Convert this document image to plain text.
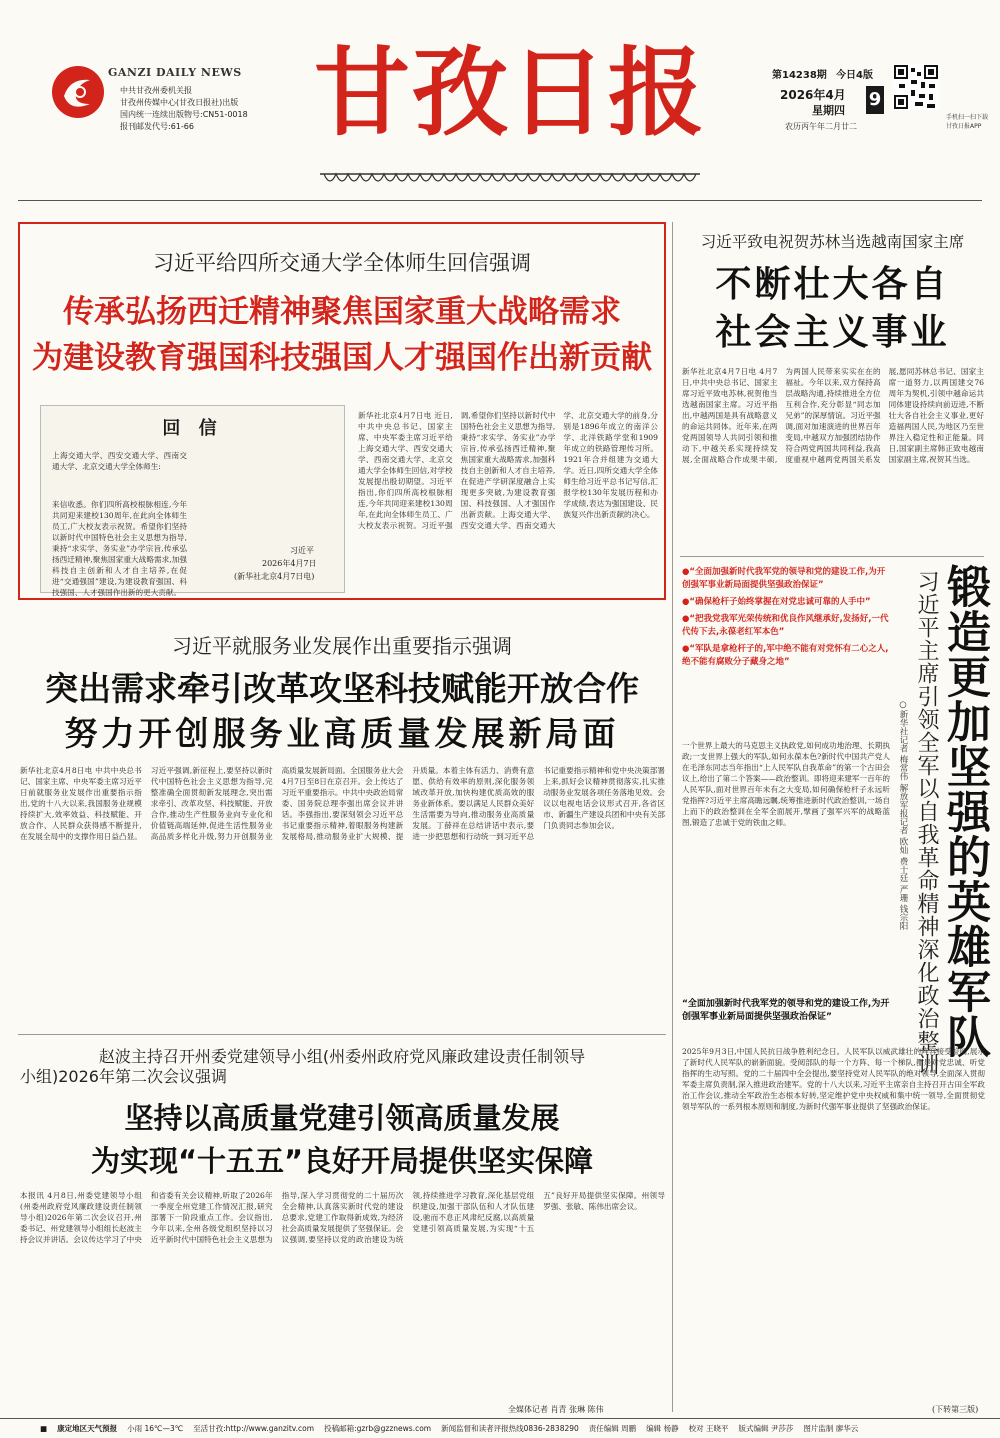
GANZI DAILY NEWS
中共甘孜州委机关报
甘孜州传媒中心(甘孜日报社)出版
国内统一连续出版物号:CN51-0018
报刊邮发代号:61-66 甘孜日报	第14238期 今日4版
2026年4月
星期四
9
农历丙午年二月廿二
手机扫一扫下载
甘孜日报APP
习近平给四所交通大学全体师生回信强调
传承弘扬西迁精神聚焦国家重大战略需求
为建设教育强国科技强国人才强国作出新贡献
回 信
上海交通大学、西安交通大学、西南交通大学、北京交通大学全体师生:
来信收悉。你们四所高校根脉相连,今年共同迎来建校130周年,在此向全体师生员工,广大校友表示祝贺。希望你们坚持以新时代中国特色社会主义思想为指导,秉持“求实学、务实业”办学宗旨,传承弘扬西迁精神,聚焦国家重大战略需求,加强科技自主创新和人才自主培养,在促进“交通强国”建设,为建设教育强国、科技强国、人才强国作出新的更大贡献。
习近平
2026年4月7日
(新华社北京4月7日电)
新华社北京4月7日电 近日,中共中央总书记、国家主席、中央军委主席习近平给上海交通大学、西安交通大学、西南交通大学、北京交通大学全体师生回信,对学校发展提出殷切期望。习近平指出,你们四所高校根脉相连,今年共同迎来建校130周年,在此向全体师生员工、广大校友表示祝贺。习近平强调,希望你们坚持以新时代中国特色社会主义思想为指导,秉持“求实学、务实业”办学宗旨,传承弘扬西迁精神,聚焦国家重大战略需求,加强科技自主创新和人才自主培养,在促进产学研深度融合上实现更多突破,为建设教育强国、科技强国、人才强国作出新贡献。上海交通大学、西安交通大学、西南交通大学、北京交通大学的前身,分别是1896年成立的南洋公学、北洋铁路学堂和1909年成立的铁路管理传习所。1921年合并组建为交通大学。近日,四所交通大学全体师生给习近平总书记写信,汇报学校130年发展历程和办学成绩,表达为强国建设、民族复兴作出新贡献的决心。
习近平致电祝贺苏林当选越南国家主席
不断壮大各自
社会主义事业
新华社北京4月7日电 4月7日,中共中央总书记、国家主席习近平致电苏林,祝贺他当选越南国家主席。习近平指出,中越两国是具有战略意义的命运共同体。近年来,在两党两国领导人共同引领和推动下,中越关系实现持续发展,全面战略合作成果丰硕,为两国人民带来实实在在的福祉。今年以来,双方保持高层战略沟通,持续推进全方位互利合作,充分彰显“同志加兄弟”的深厚情谊。习近平强调,面对加速演进的世界百年变局,中越双方加强团结协作符合两党两国共同利益,我高度重视中越两党两国关系发展,愿同苏林总书记、国家主席一道努力,以两国建交76周年为契机,引领中越命运共同体建设持续向前迈进,不断壮大各自社会主义事业,更好造福两国人民,为地区乃至世界注入稳定性和正能量。同日,国家副主席韩正致电越南国家副主席,祝贺其当选。
习近平就服务业发展作出重要指示强调
突出需求牵引改革攻坚科技赋能开放合作
努力开创服务业高质量发展新局面
新华社北京4月8日电 中共中央总书记、国家主席、中央军委主席习近平日前就服务业发展作出重要指示指出,党的十八大以来,我国服务业规模持续扩大,效率效益、科技赋能、开放合作、人民群众获得感不断提升,在发展全局中的支撑作用日益凸显。习近平强调,新征程上,要坚持以新时代中国特色社会主义思想为指导,完整准确全面贯彻新发展理念,突出需求牵引、改革攻坚、科技赋能、开放合作,推动生产性服务业向专业化和价值链高端延伸,促进生活性服务业高品质多样化升级,努力开创服务业高质量发展新局面。全国服务业大会4月7日至8日在京召开。会上传达了习近平重要指示。中共中央政治局常委、国务院总理李强出席会议并讲话。李强指出,要深刻领会习近平总书记重要指示精神,着眼服务构建新发展格局,推动服务业扩大规模、提升质量。本着主体有活力、消费有意愿、供给有效率的原则,深化服务领域改革开放,加快构建优质高效的服务业新体系。要以满足人民群众美好生活需要为导向,推动服务业高质量发展。丁薛祥在总结讲话中表示,要进一步把思想和行动统一到习近平总书记重要指示精神和党中央决策部署上来,抓好会议精神贯彻落实,扎实推动服务业发展各项任务落地见效。会议以电视电话会议形式召开,各省区市、新疆生产建设兵团和中央有关部门负责同志参加会议。
赵波主持召开州委党建领导小组(州委州政府党风廉政建设责任制领导
小组)2026年第二次会议强调
坚持以高质量党建引领高质量发展
为实现“十五五”良好开局提供坚实保障
本报讯 4月8日,州委党建领导小组(州委州政府党风廉政建设责任制领导小组)2026年第二次会议召开,州委书记、州党建领导小组组长赵波主持会议并讲话。会议传达学习了中央和省委有关会议精神,听取了2026年一季度全州党建工作情况汇报,研究部署下一阶段重点工作。会议指出,今年以来,全州各级党组织坚持以习近平新时代中国特色社会主义思想为指导,深入学习贯彻党的二十届历次全会精神,认真落实新时代党的建设总要求,党建工作取得新成效,为经济社会高质量发展提供了坚强保证。会议强调,要坚持以党的政治建设为统领,持续推进学习教育,深化基层党组织建设,加强干部队伍和人才队伍建设,驰而不息正风肃纪反腐,以高质量党建引领高质量发展,为实现“十五五”良好开局提供坚实保障。州领导罗强、张敏、陈伟出席会议。
全媒体记者 肖青 张琳 陈伟
习近平主席引领全军以自我革命精神深化政治整训 锻造更加坚强的英雄军队
○新华社记者 梅常伟 解放军报记者 欧灿 费士廷 严珊 钱宗阳
●“全面加强新时代我军党的领导和党的建设工作,为开创强军事业新局面提供坚强政治保证”
●“确保枪杆子始终掌握在对党忠诚可靠的人手中”
●“把我党我军光荣传统和优良作风继承好,发扬好,一代代传下去,永葆老红军本色”
●“军队是拿枪杆子的,军中绝不能有对党怀有二心之人,绝不能有腐败分子藏身之地”
一个世界上最大的马克思主义执政党,如何成功地治理、长期执政;一支世界上强大的军队,如何永葆本色?新时代中国共产党人在毛泽东同志当年指出“上人民军队自我革命”的第一个古田会议上,给出了第二个答案——政治整训。即将迎来建军一百年的人民军队,面对世界百年未有之大变局,如何确保枪杆子永远听党指挥?习近平主席高瞻远瞩,统筹推进新时代政治整训,一场自上而下的政治整训在全军全面展开,擘画了强军兴军的战略蓝图,锻造了忠诚于党的铁血之师。
“全面加强新时代我军党的领导和党的建设工作,为开创强军事业新局面提供坚强政治保证”
2025年9月3日,中国人民抗日战争胜利纪念日。人民军队以威武雄壮的阵容接受检阅,展示了新时代人民军队的崭新面貌。受阅部队的每一个方阵、每一个梯队,都是对党忠诚、听党指挥的生动写照。党的二十届四中全会提出,要坚持党对人民军队的绝对领导,全面深入贯彻军委主席负责制,深入推进政治建军。党的十八大以来,习近平主席亲自主持召开古田全军政治工作会议,推动全军政治生态根本好转,坚定维护党中央权威和集中统一领导,全面贯彻党领导军队的一系列根本原则和制度,为新时代强军事业提供了坚强政治保证。
(下转第三版)
■ 康定地区天气预报 小雨 16℃—3℃ 至活甘孜:http://www.ganzitv.com 投稿邮箱:gzrb@gzznews.com 新闻监督和读者评报热线0836-2838290 责任编辑 周鹏 编辑 杨静 校对 王晓平 版式编辑 尹莎莎 图片监制 廖华云
